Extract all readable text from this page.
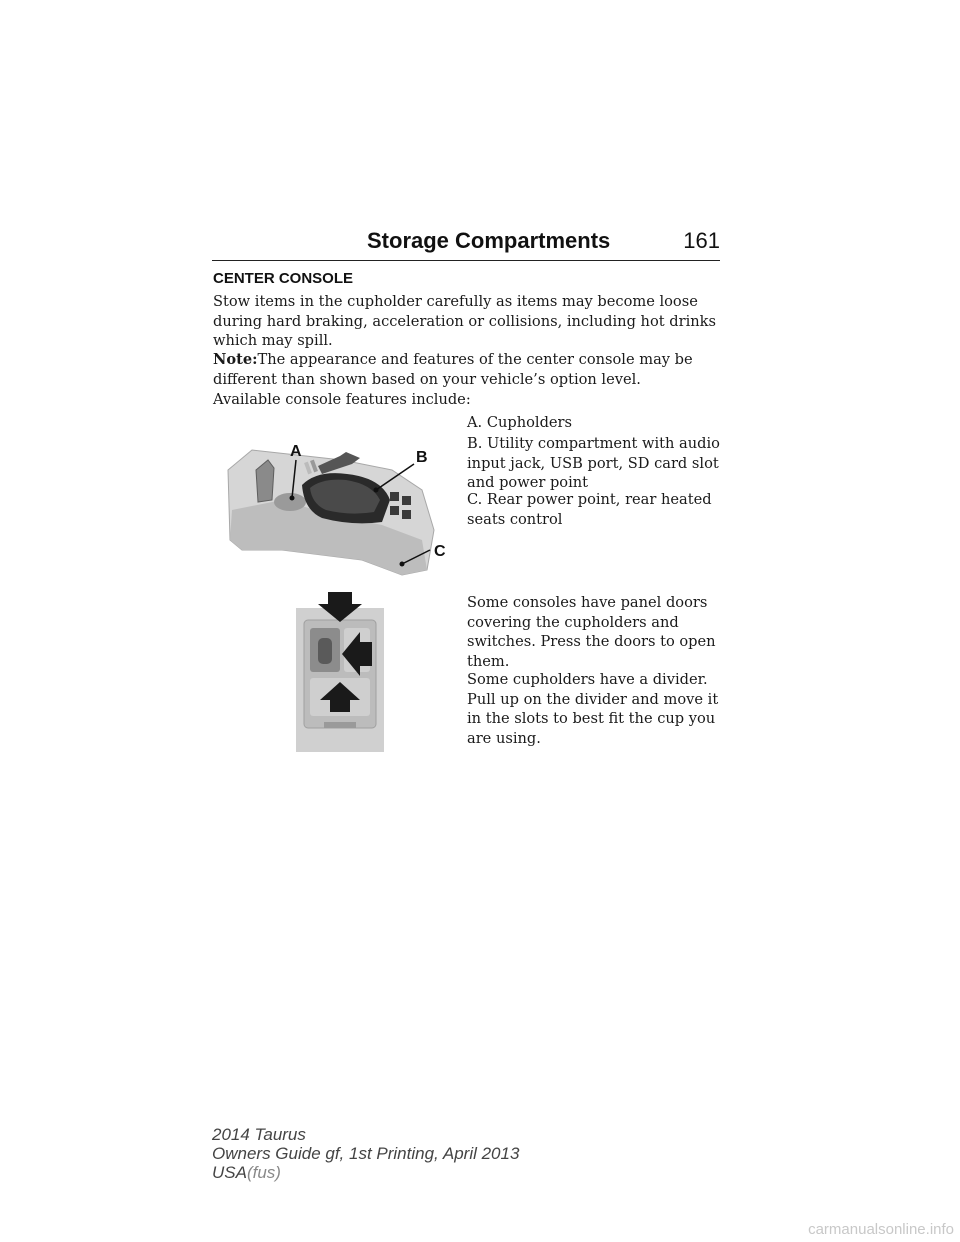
Storage Compartments	161
CENTER CONSOLE

Stow items in the cupholder carefully as items may become loose during hard braking, acceleration or collisions, including hot drinks which may spill.

Note:The appearance and features of the center console may be different than shown based on your vehicle’s option level.

Available console features include:

A. Cupholders

B. Utility compartment with audio input jack, USB port, SD card slot and power point

C. Rear power point, rear heated seats control

A	B
C

Some consoles have panel doors covering the cupholders and switches. Press the doors to open them.

Some cupholders have a divider. Pull up on the divider and move it in the slots to best fit the cup you are using.

2014 Taurus
Owners Guide gf, 1st Printing, April 2013
USA(fus)
carmanualsonline.info
